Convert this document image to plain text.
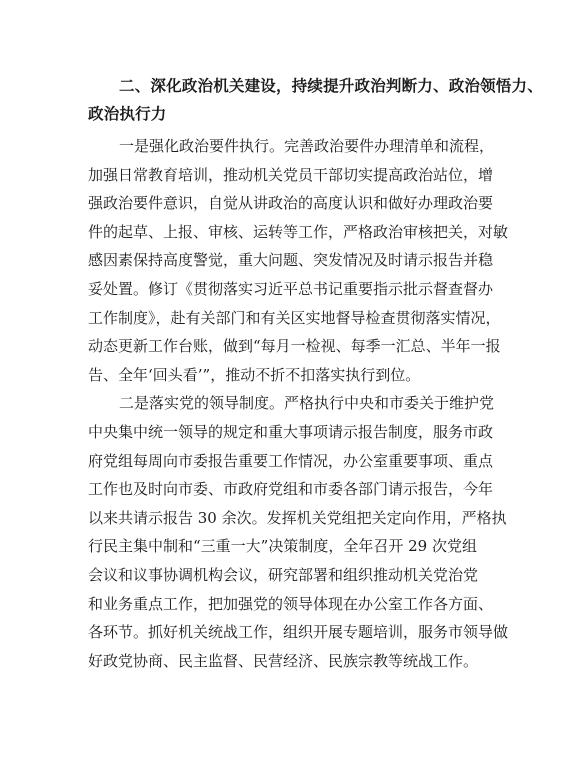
二、深化政治机关建设，持续提升政治判断力、政治领悟力、
政治执行力

一是强化政治要件执行。完善政治要件办理清单和流程，
加强日常教育培训，推动机关党员干部切实提高政治站位，增
强政治要件意识，自觉从讲政治的高度认识和做好办理政治要
件的起草、上报、审核、运转等工作，严格政治审核把关，对敏
感因素保持高度警觉，重大问题、突发情况及时请示报告并稳
妥处置。修订《贯彻落实习近平总书记重要指示批示督查督办
工作制度》，赴有关部门和有关区实地督导检查贯彻落实情况，
动态更新工作台账，做到“每月一检视、每季一汇总、半年一报
告、全年‘回头看’”，推动不折不扣落实执行到位。

二是落实党的领导制度。严格执行中央和市委关于维护党
中央集中统一领导的规定和重大事项请示报告制度，服务市政
府党组每周向市委报告重要工作情况，办公室重要事项、重点
工作也及时向市委、市政府党组和市委各部门请示报告，今年
以来共请示报告 30 余次。发挥机关党组把关定向作用，严格执
行民主集中制和“三重一大”决策制度，全年召开 29 次党组
会议和议事协调机构会议，研究部署和组织推动机关党治党
和业务重点工作，把加强党的领导体现在办公室工作各方面、
各环节。抓好机关统战工作，组织开展专题培训，服务市领导做
好政党协商、民主监督、民营经济、民族宗教等统战工作。
